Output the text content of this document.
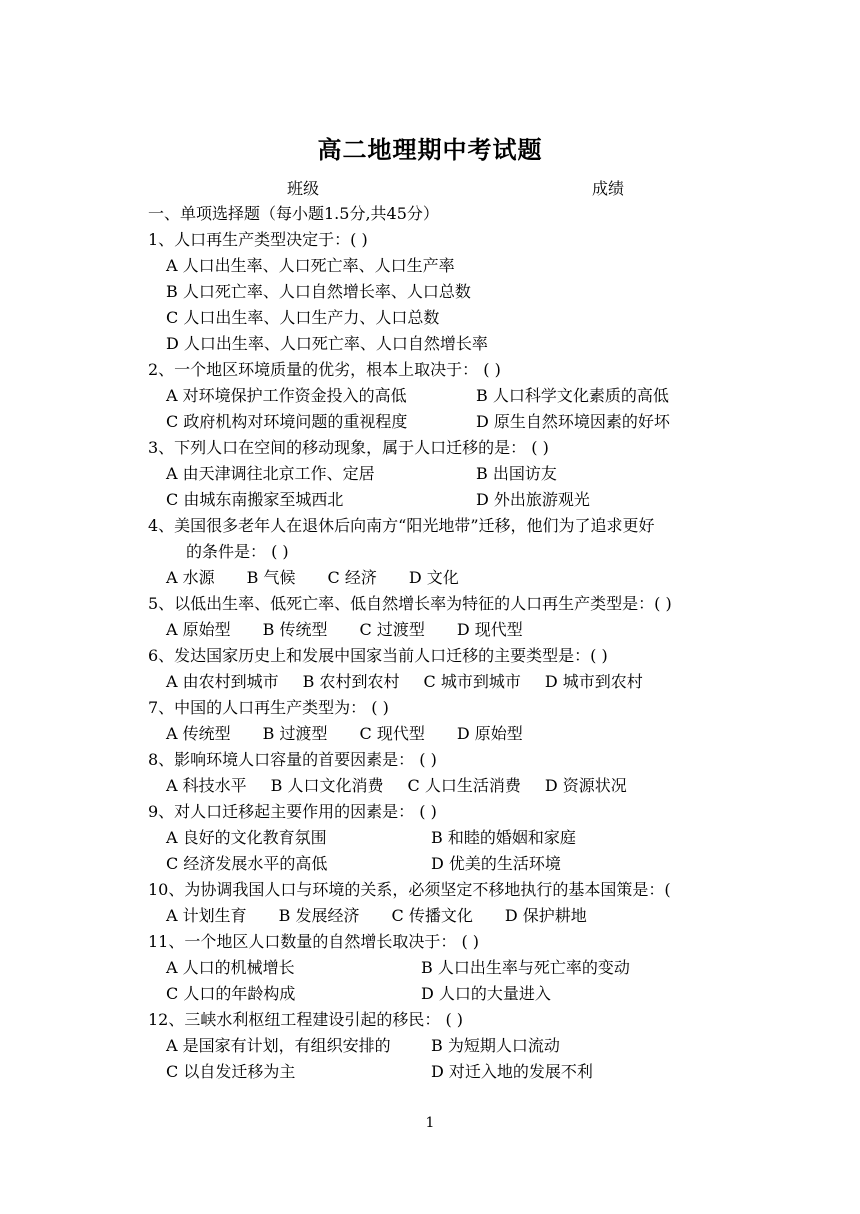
高二地理期中考试题
班级	成绩
一、单项选择题（每小题1.5分,共45分）
1、人口再生产类型决定于：( )
A 人口出生率、人口死亡率、人口生产率
B 人口死亡率、人口自然增长率、人口总数
C 人口出生率、人口生产力、人口总数
D 人口出生率、人口死亡率、人口自然增长率
2、一个地区环境质量的优劣，根本上取决于： ( )
A 对环境保护工作资金投入的高低	B 人口科学文化素质的高低
C 政府机构对环境问题的重视程度	D 原生自然环境因素的好坏
3、下列人口在空间的移动现象，属于人口迁移的是： ( )
A 由天津调往北京工作、定居	B 出国访友
C 由城东南搬家至城西北	D 外出旅游观光
4、美国很多老年人在退休后向南方“阳光地带”迁移，他们为了追求更好
的条件是： ( )
A 水源 B 气候 C 经济 D 文化
5、以低出生率、低死亡率、低自然增长率为特征的人口再生产类型是：( )
A 原始型 B 传统型 C 过渡型 D 现代型
6、发达国家历史上和发展中国家当前人口迁移的主要类型是：( )
A 由农村到城市 B 农村到农村 C 城市到城市 D 城市到农村
7、中国的人口再生产类型为： ( )
A 传统型 B 过渡型 C 现代型 D 原始型
8、影响环境人口容量的首要因素是： ( )
A 科技水平 B 人口文化消费 C 人口生活消费 D 资源状况
9、对人口迁移起主要作用的因素是： ( )
A 良好的文化教育氛围	B 和睦的婚姻和家庭
C 经济发展水平的高低	D 优美的生活环境
10、为协调我国人口与环境的关系，必须坚定不移地执行的基本国策是：(
A 计划生育 B 发展经济 C 传播文化 D 保护耕地
11、一个地区人口数量的自然增长取决于： ( )
A 人口的机械增长	B 人口出生率与死亡率的变动
C 人口的年龄构成	D 人口的大量进入
12、三峡水利枢纽工程建设引起的移民： ( )
A 是国家有计划，有组织安排的	B 为短期人口流动
C 以自发迁移为主	D 对迁入地的发展不利
1
